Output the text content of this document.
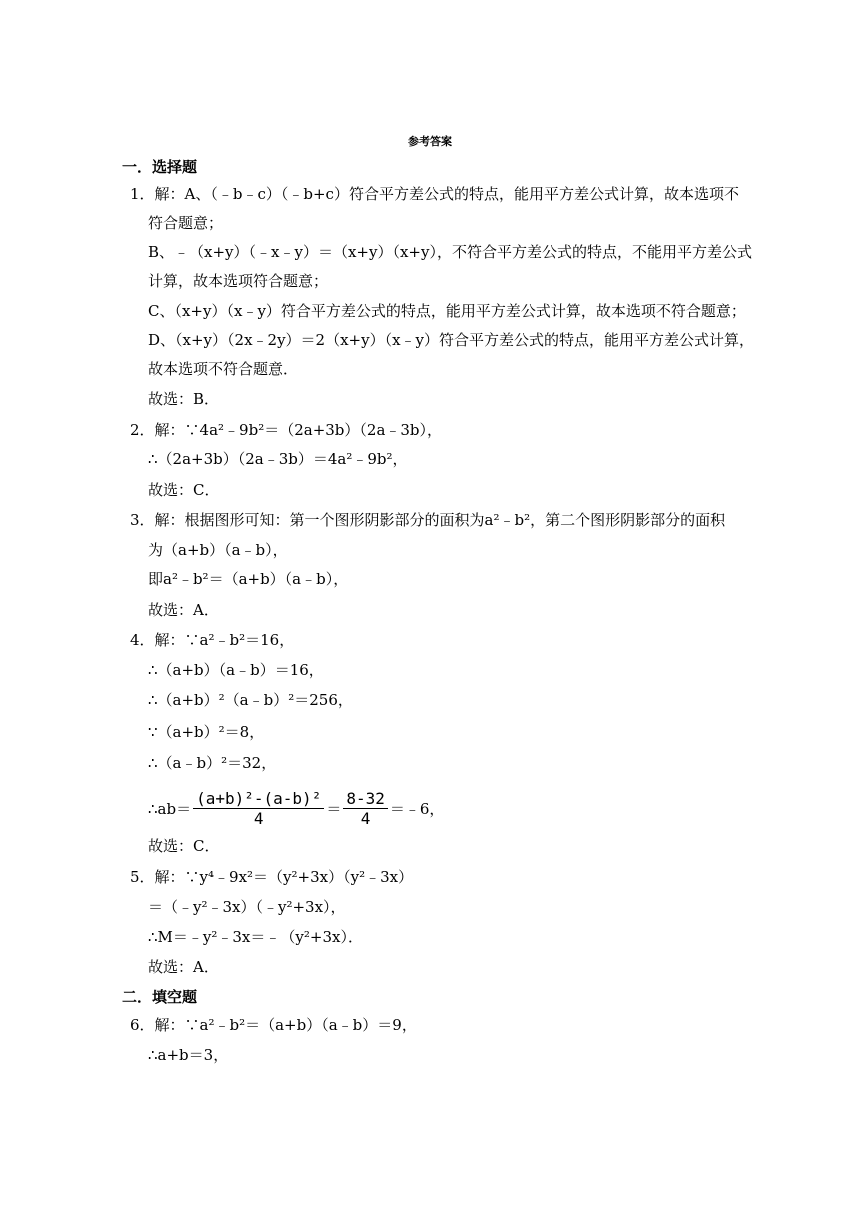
参考答案
一．选择题
1．解：A、（﹣b﹣c）（﹣b+c）符合平方差公式的特点，能用平方差公式计算，故本选项不
符合题意；
B、﹣（x+y）（﹣x﹣y）＝（x+y）（x+y），不符合平方差公式的特点，不能用平方差公式
计算，故本选项符合题意；
C、（x+y）（x﹣y）符合平方差公式的特点，能用平方差公式计算，故本选项不符合题意；
D、（x+y）（2x﹣2y）＝2（x+y）（x﹣y）符合平方差公式的特点，能用平方差公式计算，
故本选项不符合题意．
故选：B．
2．解：∵4a²﹣9b²＝（2a+3b）（2a﹣3b），
∴（2a+3b）（2a﹣3b）＝4a²﹣9b²，
故选：C．
3．解：根据图形可知：第一个图形阴影部分的面积为a²﹣b²，第二个图形阴影部分的面积
为（a+b）（a﹣b），
即a²﹣b²＝（a+b）（a﹣b），
故选：A．
4．解：∵a²﹣b²＝16，
∴（a+b）（a﹣b）＝16，
∴（a+b）²（a﹣b）²＝256，
∵（a+b）²＝8，
∴（a﹣b）²＝32，
∴ab＝ $\frac{\text{(a+b)²-(a-b)²}}{4} = \frac{8-32}{4}$ ＝﹣6，
故选：C．
5．解：∵y⁴﹣9x²＝（y²+3x）（y²﹣3x）
＝（﹣y²﹣3x）（﹣y²+3x），
∴M＝﹣y²﹣3x＝﹣（y²+3x）．
故选：A．
二．填空题
6．解：∵a²﹣b²＝（a+b）（a﹣b）＝9，
∴a+b＝3，
